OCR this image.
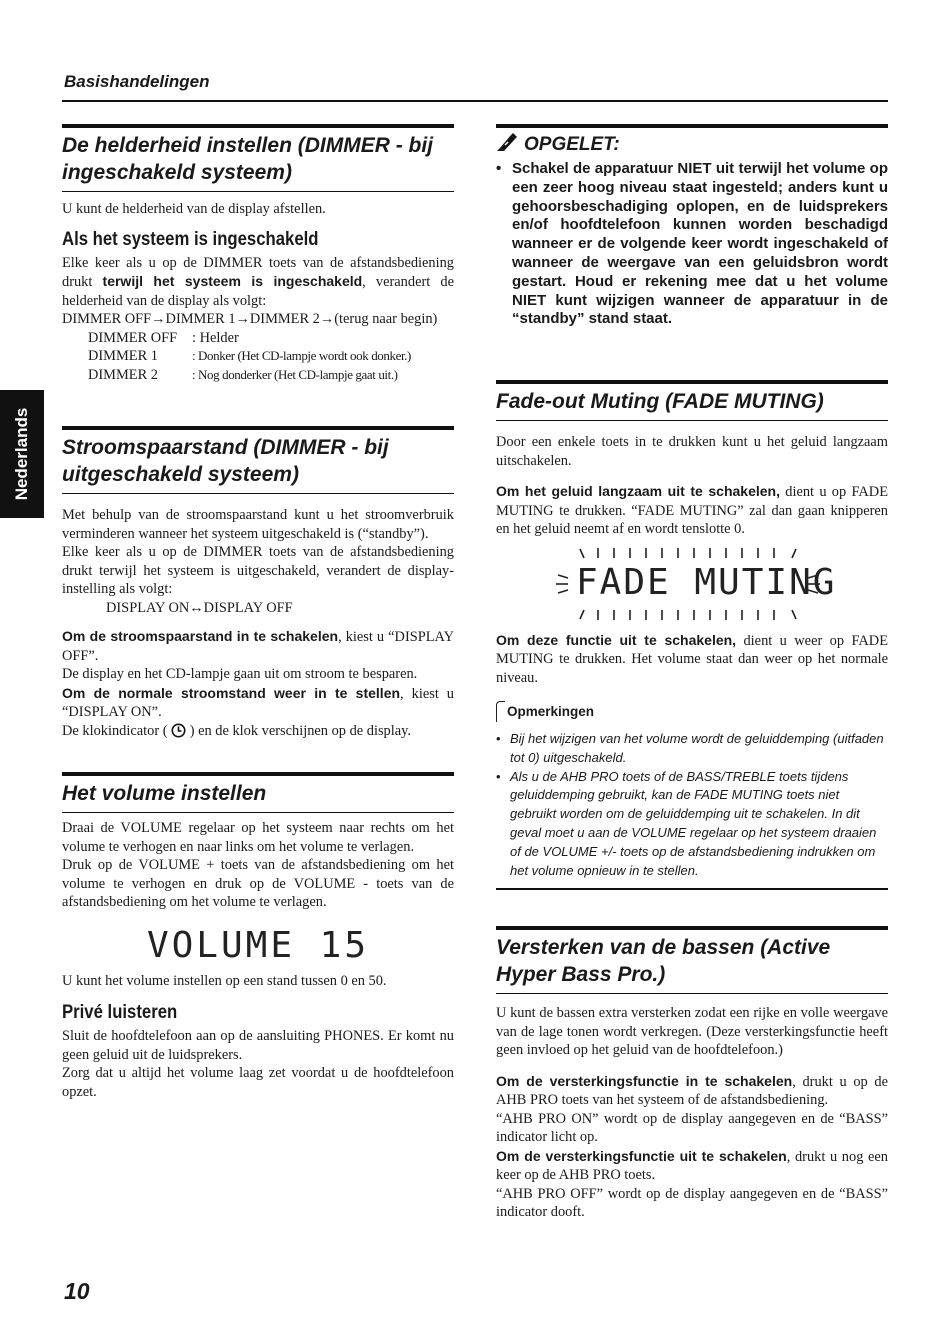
Basishandelingen
Nederlands
De helderheid instellen (DIMMER - bij ingeschakeld systeem)

U kunt de helderheid van de display afstellen.

Als het systeem is ingeschakeld

Elke keer als u op de DIMMER toets van de afstandsbediening drukt terwijl het systeem is ingeschakeld, verandert de helderheid van de display als volgt:

DIMMER OFF→DIMMER 1→DIMMER 2→(terug naar begin)

DIMMER OFF	: Helder
DIMMER 1	: Donker (Het CD-lampje wordt ook donker.)
DIMMER 2	: Nog donderker (Het CD-lampje gaat uit.)
Stroomspaarstand (DIMMER - bij uitgeschakeld systeem)

Met behulp van de stroomspaarstand kunt u het stroomverbruik verminderen wanneer het systeem uitgeschakeld is (“standby”).

Elke keer als u op de DIMMER toets van de afstandsbediening drukt terwijl het systeem is uitgeschakeld, verandert de display-instelling als volgt:

DISPLAY ON↔DISPLAY OFF

Om de stroomspaarstand in te schakelen, kiest u “DISPLAY OFF”.

De display en het CD-lampje gaan uit om stroom te besparen.

Om de normale stroomstand weer in te stellen, kiest u “DISPLAY ON”.

De klokindicator ( ) en de klok verschijnen op de display.

Het volume instellen

Draai de VOLUME regelaar op het systeem naar rechts om het volume te verhogen en naar links om het volume te verlagen.

Druk op de VOLUME + toets van de afstandsbediening om het volume te verhogen en druk op de VOLUME - toets van de afstandsbediening om het volume te verlagen.

VOLUME 15

U kunt het volume instellen op een stand tussen 0 en 50.

Privé luisteren

Sluit de hoofdtelefoon aan op de aansluiting PHONES. Er komt nu geen geluid uit de luidsprekers.

Zorg dat u altijd het volume laag zet voordat u de hoofdtelefoon opzet.

OPGELET:
• Schakel de apparatuur NIET uit terwijl het volume op een zeer hoog niveau staat ingesteld; anders kunt u gehoorsbeschadiging oplopen, en de luidsprekers en/of hoofdtelefoon kunnen worden beschadigd wanneer er de volgende keer wordt ingeschakeld of wanneer de weergave van een geluidsbron wordt gestart. Houd er rekening mee dat u het volume NIET kunt wijzigen wanneer de apparatuur in de “standby” stand staat.
Fade-out Muting (FADE MUTING)

Door een enkele toets in te drukken kunt u het geluid langzaam uitschakelen.

Om het geluid langzaam uit te schakelen, dient u op FADE MUTING te drukken. “FADE MUTING” zal dan gaan knipperen en het geluid neemt af en wordt tenslotte 0.

FADE MUTING

Om deze functie uit te schakelen, dient u weer op FADE MUTING te drukken. Het volume staat dan weer op het normale niveau.

Opmerkingen
• Bij het wijzigen van het volume wordt de geluiddemping (uitfaden tot 0) uitgeschakeld.
• Als u de AHB PRO toets of de BASS/TREBLE toets tijdens geluiddemping gebruikt, kan de FADE MUTING toets niet gebruikt worden om de geluiddemping uit te schakelen. In dit geval moet u aan de VOLUME regelaar op het systeem draaien of de VOLUME +/- toets op de afstandsbediening indrukken om het volume opnieuw in te stellen.
Versterken van de bassen (Active Hyper Bass Pro.)

U kunt de bassen extra versterken zodat een rijke en volle weergave van de lage tonen wordt verkregen. (Deze versterkingsfunctie heeft geen invloed op het geluid van de hoofdtelefoon.)

Om de versterkingsfunctie in te schakelen, drukt u op de AHB PRO toets van het systeem of de afstandsbediening.

“AHB PRO ON” wordt op de display aangegeven en de “BASS” indicator licht op.

Om de versterkingsfunctie uit te schakelen, drukt u nog een keer op de AHB PRO toets.

“AHB PRO OFF” wordt op de display aangegeven en de “BASS” indicator dooft.

10
